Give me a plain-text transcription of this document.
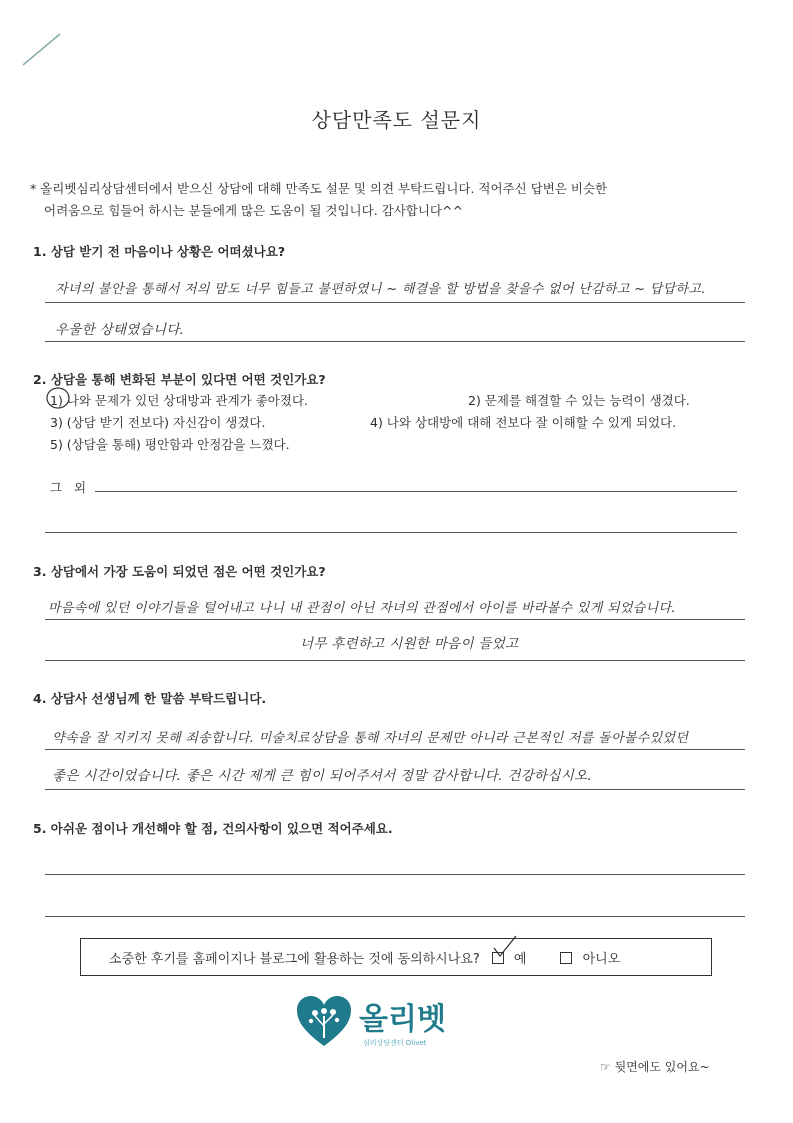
상담만족도 설문지
* 올리벳심리상담센터에서 받으신 상담에 대해 만족도 설문 및 의견 부탁드립니다. 적어주신 답변은 비슷한
어려움으로 힘들어 하시는 분들에게 많은 도움이 될 것입니다. 감사합니다^^
1. 상담 받기 전 마음이나 상황은 어떠셨나요?
자녀의 불안을 통해서 저의 맘도 너무 힘들고 불편하였니 ~ 해결을 할 방법을 찾을수 없어 난감하고 ~ 답답하고.
우울한 상태였습니다.
2. 상담을 통해 변화된 부분이 있다면 어떤 것인가요?
1) 나와 문제가 있던 상대방과 관계가 좋아졌다.	2) 문제를 해결할 수 있는 능력이 생겼다.
3) (상담 받기 전보다) 자신감이 생겼다.	4) 나와 상대방에 대해 전보다 잘 이해할 수 있게 되었다.
5) (상담을 통해) 평안함과 안정감을 느꼈다.
그 외
3. 상담에서 가장 도움이 되었던 점은 어떤 것인가요?
마음속에 있던 이야기들을 털어내고 나니 내 관점이 아닌 자녀의 관점에서 아이를 바라볼수 있게 되었습니다.
너무 후련하고 시원한 마음이 들었고
4. 상담사 선생님께 한 말씀 부탁드립니다.
약속을 잘 지키지 못해 죄송합니다. 미술치료상담을 통해 자녀의 문제만 아니라 근본적인 저를 돌아볼수있었던
좋은 시간이었습니다. 좋은 시간 제게 큰 힘이 되어주셔서 정말 감사합니다. 건강하십시오.
5. 아쉬운 점이나 개선해야 할 점, 건의사항이 있으면 적어주세요.
소중한 후기를 홈페이지나 블로그에 활용하는 것에 동의하시나요?
	예	아니오
올리벳
심리상담센터 Olivet
☞ 뒷면에도 있어요~
